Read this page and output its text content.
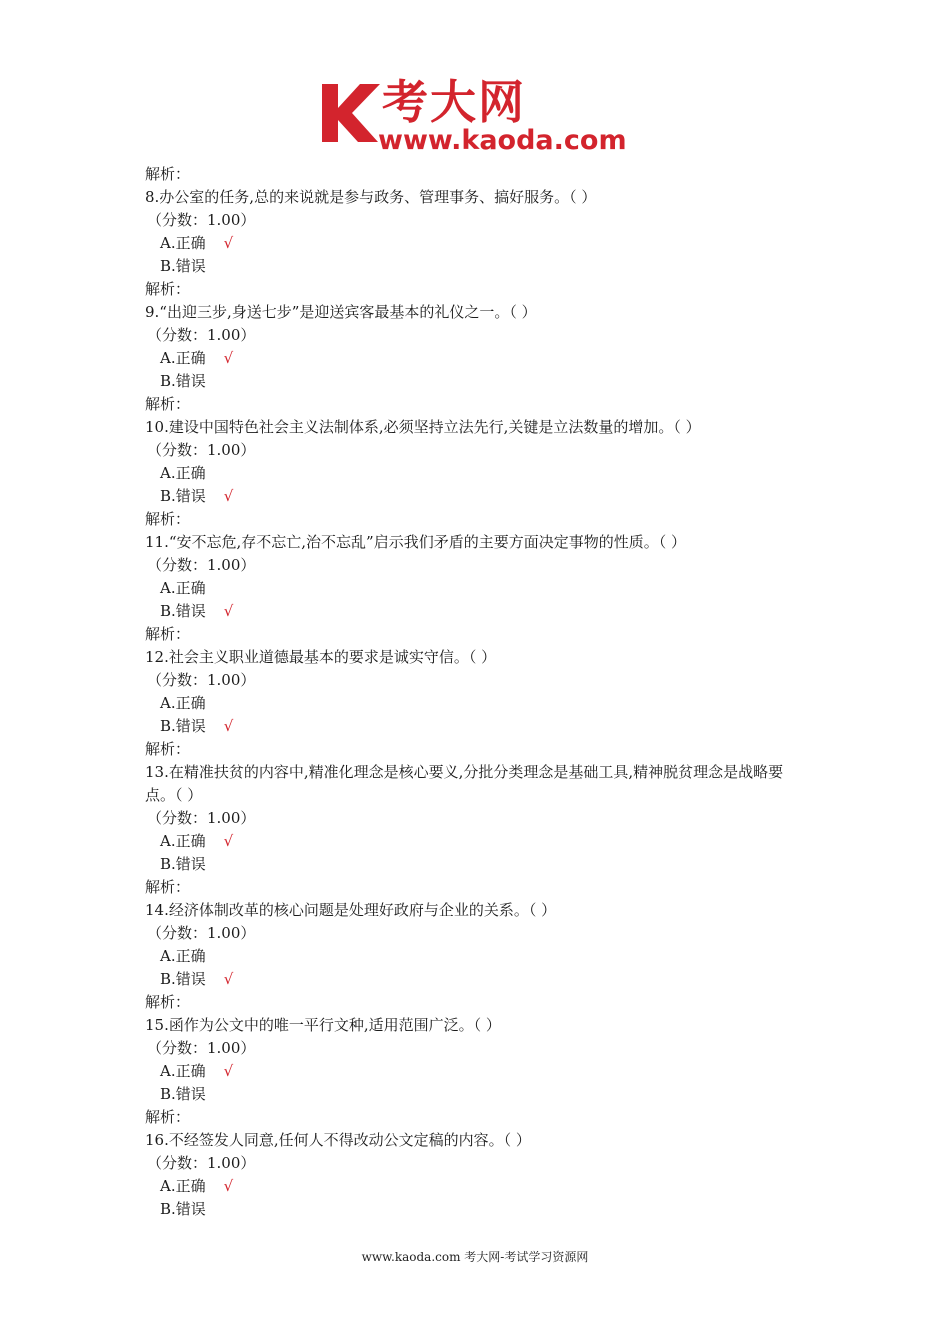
考大网
www.kaoda.com
解析：
8.办公室的任务,总的来说就是参与政务、管理事务、搞好服务。（ ）
（分数：1.00）
A.正确 √
B.错误
解析：
9.“出迎三步,身送七步”是迎送宾客最基本的礼仪之一。（ ）
（分数：1.00）
A.正确 √
B.错误
解析：
10.建设中国特色社会主义法制体系,必须坚持立法先行,关键是立法数量的增加。（ ）
（分数：1.00）
A.正确
B.错误 √
解析：
11.“安不忘危,存不忘亡,治不忘乱”启示我们矛盾的主要方面决定事物的性质。（ ）
（分数：1.00）
A.正确
B.错误 √
解析：
12.社会主义职业道德最基本的要求是诚实守信。（ ）
（分数：1.00）
A.正确
B.错误 √
解析：
13.在精准扶贫的内容中,精准化理念是核心要义,分批分类理念是基础工具,精神脱贫理念是战略要点。（ ）
（分数：1.00）
A.正确 √
B.错误
解析：
14.经济体制改革的核心问题是处理好政府与企业的关系。（ ）
（分数：1.00）
A.正确
B.错误 √
解析：
15.函作为公文中的唯一平行文种,适用范围广泛。（ ）
（分数：1.00）
A.正确 √
B.错误
解析：
16.不经签发人同意,任何人不得改动公文定稿的内容。（ ）
（分数：1.00）
A.正确 √
B.错误
www.kaoda.com 考大网-考试学习资源网
